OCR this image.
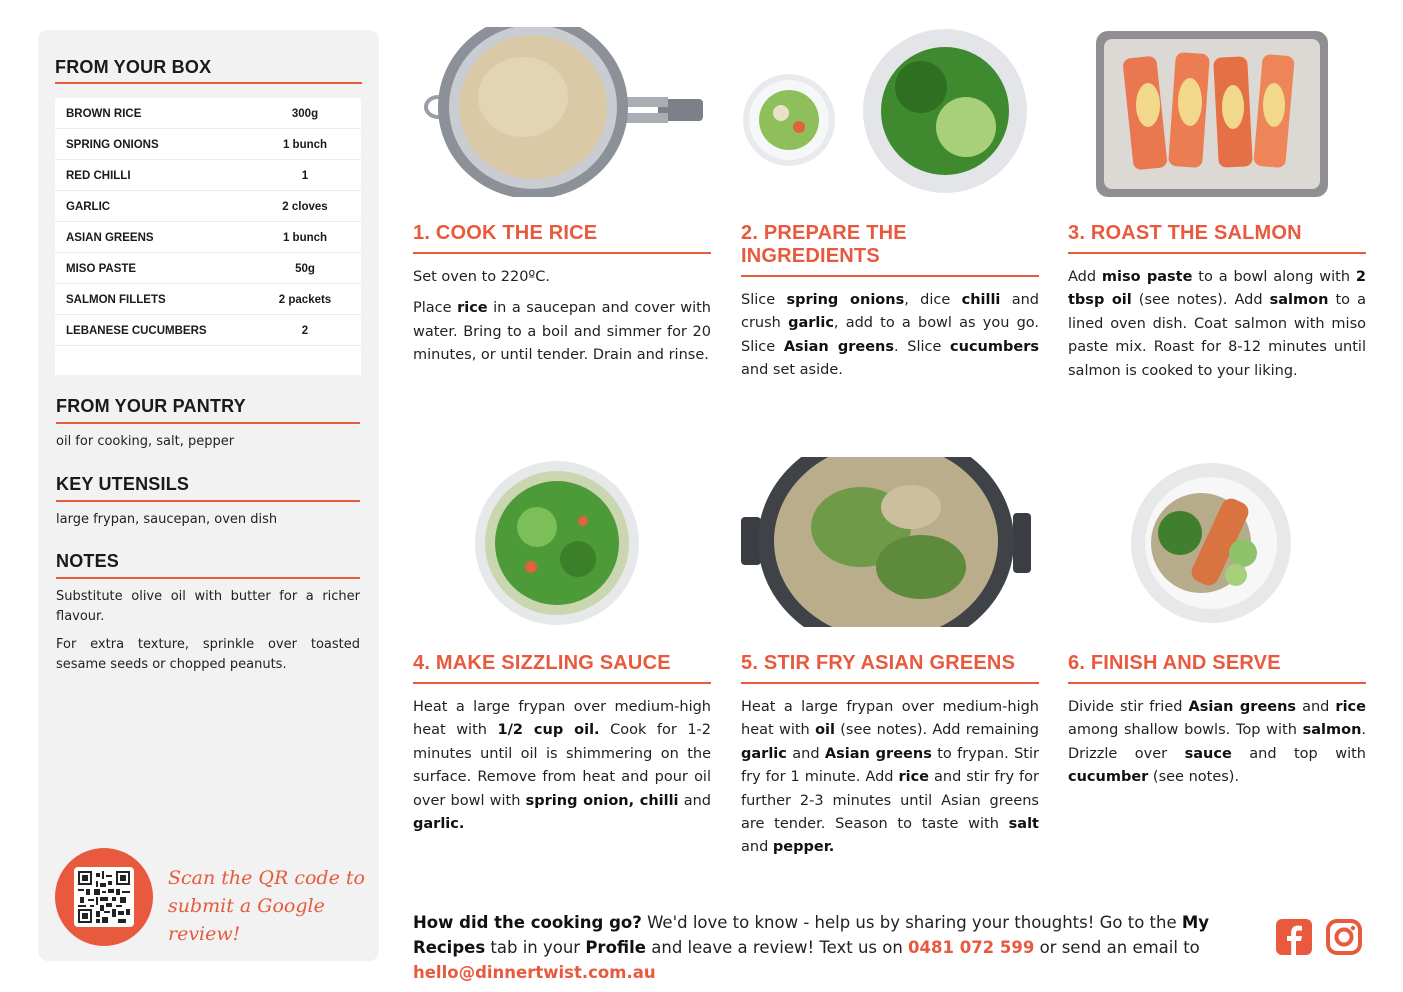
FROM YOUR BOX
BROWN RICE	300g
SPRING ONIONS	1 bunch
RED CHILLI	1
GARLIC	2 cloves
ASIAN GREENS	1 bunch
MISO PASTE	50g
SALMON FILLETS	2 packets
LEBANESE CUCUMBERS	2
FROM YOUR PANTRY
oil for cooking, salt, pepper
KEY UTENSILS
large frypan, saucepan, oven dish
NOTES
Substitute olive oil with butter for a richer flavour.
For extra texture, sprinkle over toasted sesame seeds or chopped peanuts.
Scan the QR code to
submit a Google review!
1. COOK THE RICE

Set oven to 220ºC.

Place rice in a saucepan and cover with water. Bring to a boil and simmer for 20 minutes, or until tender. Drain and rinse.

2. PREPARE THE INGREDIENTS

Slice spring onions, dice chilli and crush garlic, add to a bowl as you go. Slice Asian greens. Slice cucumbers and set aside.

3. ROAST THE SALMON

Add miso paste to a bowl along with 2 tbsp oil (see notes). Add salmon to a lined oven dish. Coat salmon with miso paste mix. Roast for 8-12 minutes until salmon is cooked to your liking.

4. MAKE SIZZLING SAUCE

Heat a large frypan over medium-high heat with 1/2 cup oil. Cook for 1-2 minutes until oil is shimmering on the surface. Remove from heat and pour oil over bowl with spring onion, chilli and garlic.

5. STIR FRY ASIAN GREENS

Heat a large frypan over medium-high heat with oil (see notes). Add remaining garlic and Asian greens to frypan. Stir fry for 1 minute. Add rice and stir fry for further 2-3 minutes until Asian greens are tender. Season to taste with salt and pepper.

6. FINISH AND SERVE

Divide stir fried Asian greens and rice among shallow bowls. Top with salmon. Drizzle over sauce and top with cucumber (see notes).

How did the cooking go? We'd love to know - help us by sharing your thoughts! Go to the My Recipes tab in your Profile and leave a review! Text us on 0481 072 599 or send an email to hello@dinnertwist.com.au
